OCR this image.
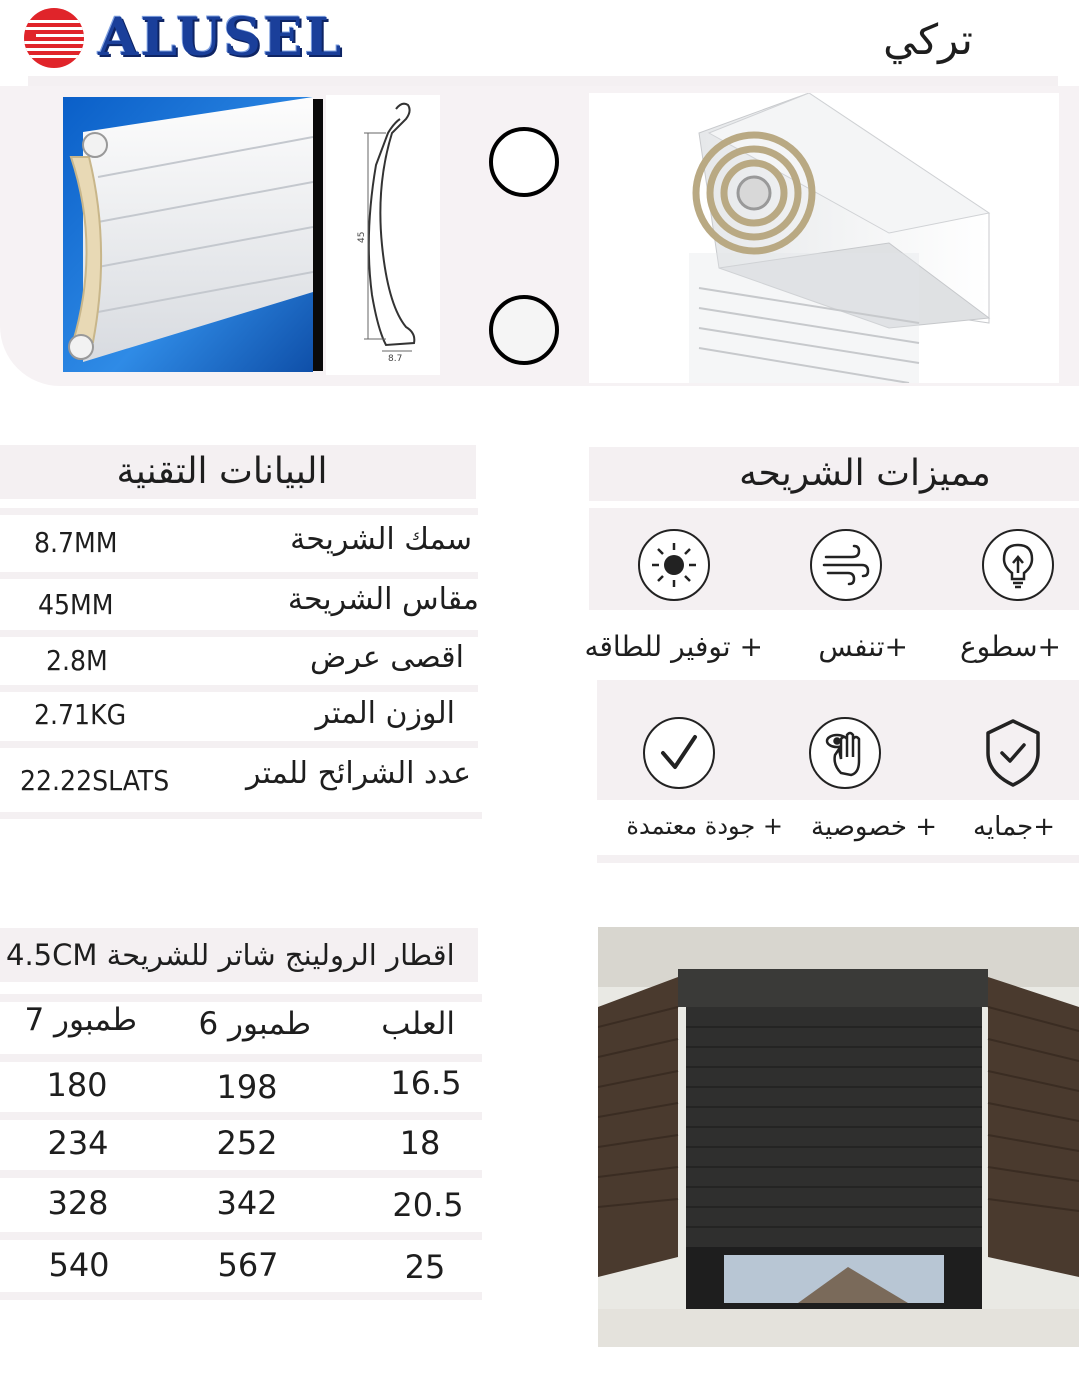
ALUSEL	تركي
45
8.7
البيانات التقنية
سمك الشريحة
8.7MM
مقاس الشريحة
45MM
اقصى عرض
2.8M
الوزن المتر
2.71KG
عدد الشرائح للمتر
22.22SLATS
مميزات الشريحه
+ توفير للطاقه +تنفس +سطوع
+ جودة معتمدة + خصوصية +جمايه
اقطار الرولينج شاتر للشريحة 4.5CM
العلب
طمبور 6
طمبور 7
16.5
198
180
18
252
234
20.5
342
328
25
567
540
